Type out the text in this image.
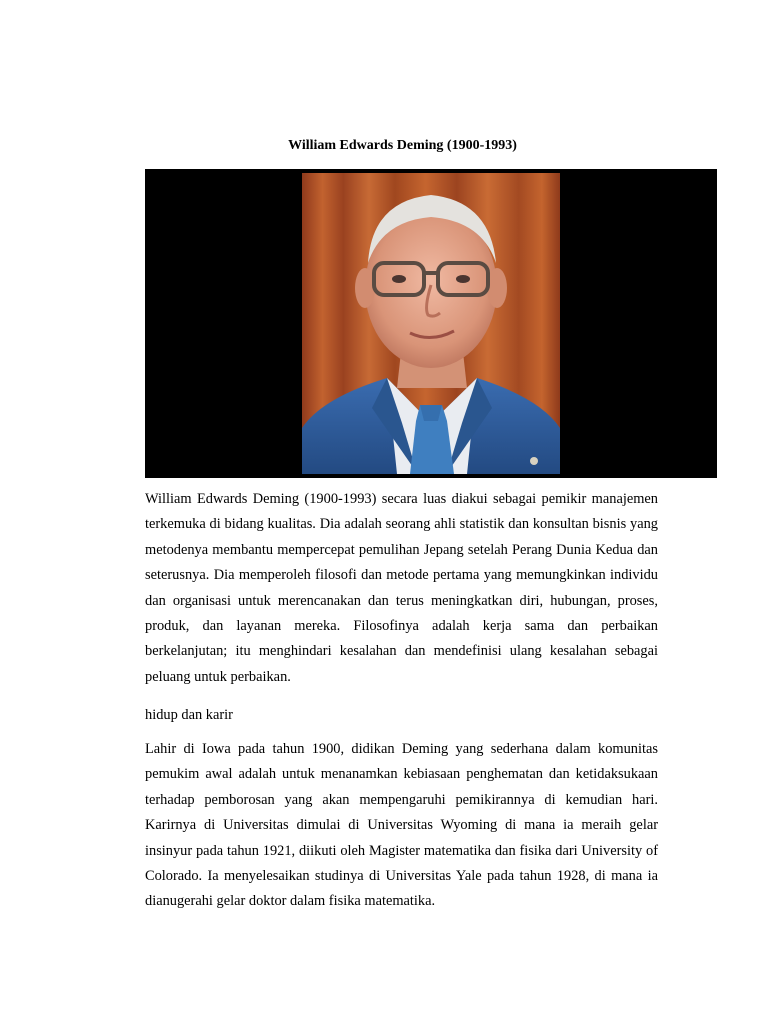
William Edwards Deming (1900-1993)

William Edwards Deming (1900-1993) secara luas diakui sebagai pemikir manajemen terkemuka di bidang kualitas. Dia adalah seorang ahli statistik dan konsultan bisnis yang metodenya membantu mempercepat pemulihan Jepang setelah Perang Dunia Kedua dan seterusnya. Dia memperoleh filosofi dan metode pertama yang memungkinkan individu dan organisasi untuk merencanakan dan terus meningkatkan diri, hubungan, proses, produk, dan layanan mereka. Filosofinya adalah kerja sama dan perbaikan berkelanjutan; itu menghindari kesalahan dan mendefinisi ulang kesalahan sebagai peluang untuk perbaikan.

hidup dan karir

Lahir di Iowa pada tahun 1900, didikan Deming yang sederhana dalam komunitas pemukim awal adalah untuk menanamkan kebiasaan penghematan dan ketidaksukaan terhadap pemborosan yang akan mempengaruhi pemikirannya di kemudian hari. Karirnya di Universitas dimulai di Universitas Wyoming di mana ia meraih gelar insinyur pada tahun 1921, diikuti oleh Magister matematika dan fisika dari University of Colorado. Ia menyelesaikan studinya di Universitas Yale pada tahun 1928, di mana ia dianugerahi gelar doktor dalam fisika matematika.
